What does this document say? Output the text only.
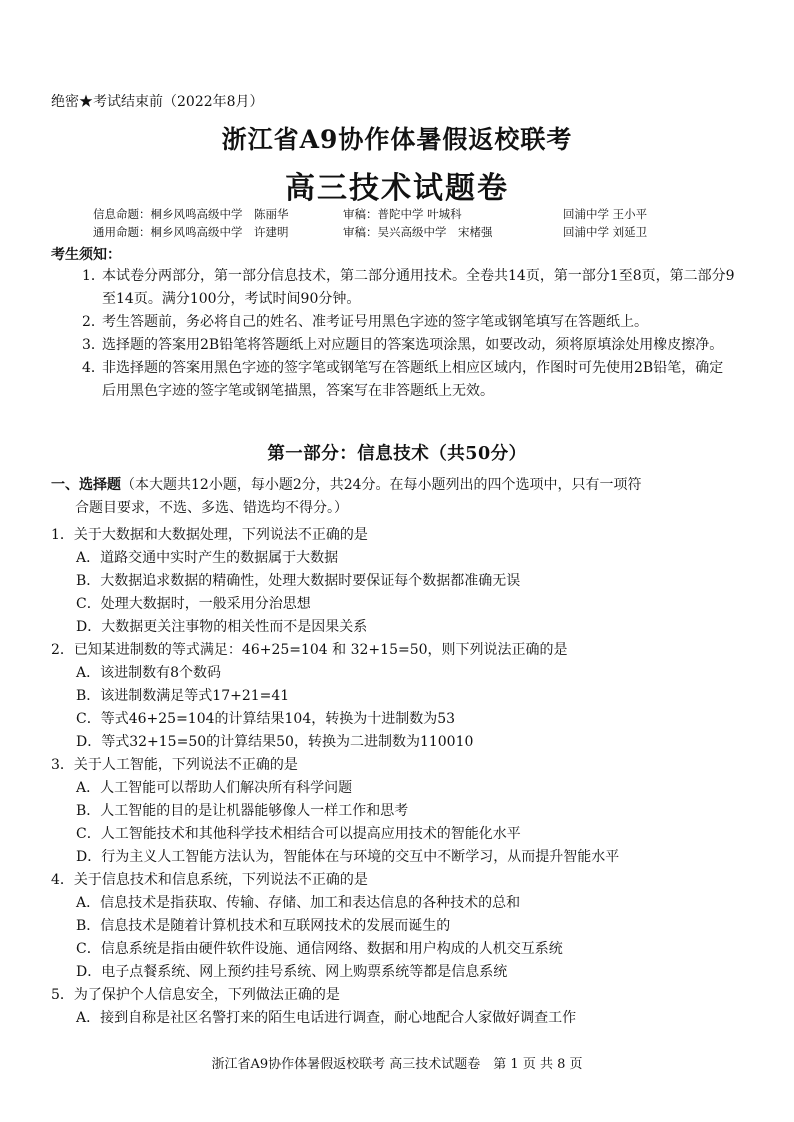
绝密★考试结束前（2022年8月）
浙江省A9协作体暑假返校联考
高三技术试题卷
信息命题：桐乡风鸣高级中学　陈丽华	审稿：普陀中学 叶城科	回浦中学 王小平
通用命题：桐乡风鸣高级中学　许建明	审稿：吴兴高级中学　宋楮强	回浦中学 刘延卫
考生须知：
1．
本试卷分两部分，第一部分信息技术，第二部分通用技术。全卷共14页，第一部分1至8页，第二部分9至14页。满分100分，考试时间90分钟。
2．
考生答题前，务必将自己的姓名、准考证号用黑色字迹的签字笔或钢笔填写在答题纸上。
3．
选择题的答案用2B铅笔将答题纸上对应题目的答案选项涂黑，如要改动，须将原填涂处用橡皮擦净。
4．
非选择题的答案用黑色字迹的签字笔或钢笔写在答题纸上相应区域内，作图时可先使用2B铅笔，确定后用黑色字迹的签字笔或钢笔描黑，答案写在非答题纸上无效。
第一部分：信息技术（共50分）
一、选择题（本大题共12小题，每小题2分，共24分。在每小题列出的四个选项中，只有一项符
合题目要求，不选、多选、错选均不得分。）
1．关于大数据和大数据处理，下列说法不正确的是
A．道路交通中实时产生的数据属于大数据
B．大数据追求数据的精确性，处理大数据时要保证每个数据都准确无误
C．处理大数据时，一般采用分治思想
D．大数据更关注事物的相关性而不是因果关系
2．已知某进制数的等式满足：46+25=104 和 32+15=50，则下列说法正确的是
A．该进制数有8个数码
B．该进制数满足等式17+21=41
C．等式46+25=104的计算结果104，转换为十进制数为53
D．等式32+15=50的计算结果50，转换为二进制数为110010
3．关于人工智能，下列说法不正确的是
A．人工智能可以帮助人们解决所有科学问题
B．人工智能的目的是让机器能够像人一样工作和思考
C．人工智能技术和其他科学技术相结合可以提高应用技术的智能化水平
D．行为主义人工智能方法认为，智能体在与环境的交互中不断学习，从而提升智能水平
4．关于信息技术和信息系统，下列说法不正确的是
A．信息技术是指获取、传输、存储、加工和表达信息的各种技术的总和
B．信息技术是随着计算机技术和互联网技术的发展而诞生的
C．信息系统是指由硬件软件设施、通信网络、数据和用户构成的人机交互系统
D．电子点餐系统、网上预约挂号系统、网上购票系统等都是信息系统
5．为了保护个人信息安全，下列做法正确的是
A．接到自称是社区名警打来的陌生电话进行调查，耐心地配合人家做好调查工作
浙江省A9协作体暑假返校联考 高三技术试题卷　第 1 页 共 8 页
